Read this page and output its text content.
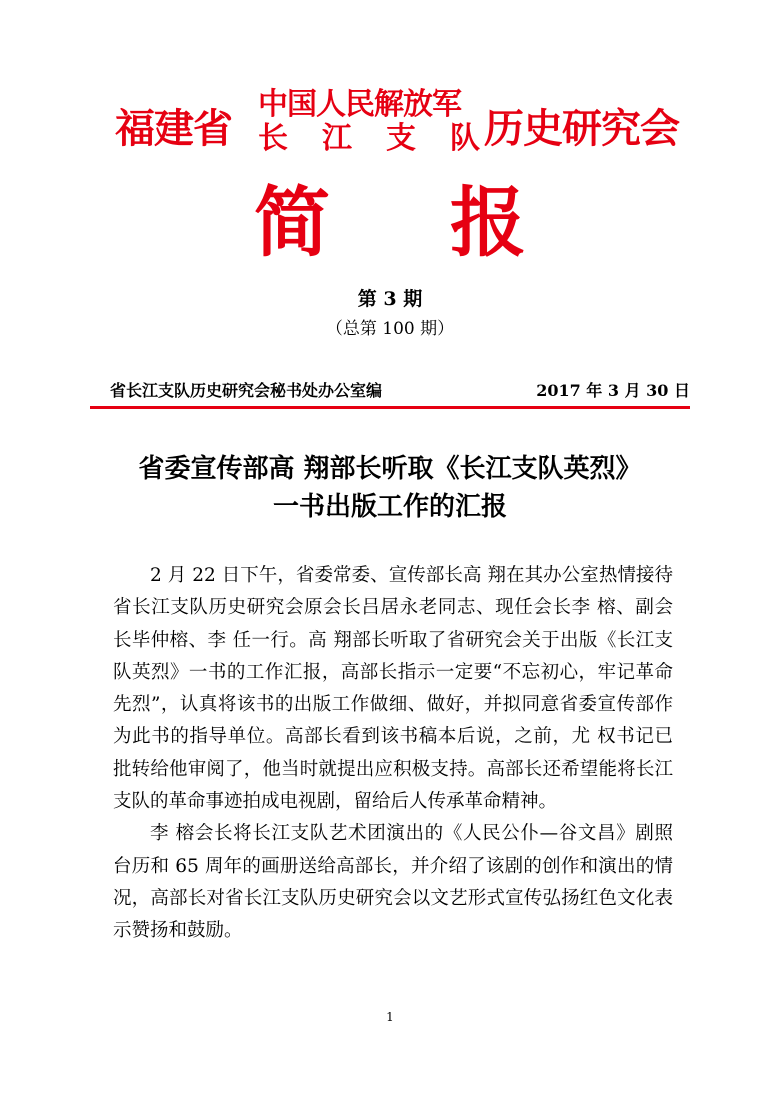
福建省
中国人民解放军
长 江 支 队 历史研究会
简 报
第 3 期
（总第 100 期）
省长江支队历史研究会秘书处办公室编	2017 年 3 月 30 日
省委宣传部高 翔部长听取《长江支队英烈》
一书出版工作的汇报

2 月 22 日下午，省委常委、宣传部长高 翔在其办公室热情接待省长江支队历史研究会原会长吕居永老同志、现任会长李 榕、副会长毕仲榕、李 任一行。高 翔部长听取了省研究会关于出版《长江支队英烈》一书的工作汇报，高部长指示一定要“不忘初心，牢记革命先烈”，认真将该书的出版工作做细、做好，并拟同意省委宣传部作为此书的指导单位。高部长看到该书稿本后说，之前，尤 权书记已批转给他审阅了，他当时就提出应积极支持。高部长还希望能将长江支队的革命事迹拍成电视剧，留给后人传承革命精神。

李 榕会长将长江支队艺术团演出的《人民公仆—谷文昌》剧照台历和 65 周年的画册送给高部长，并介绍了该剧的创作和演出的情况，高部长对省长江支队历史研究会以文艺形式宣传弘扬红色文化表示赞扬和鼓励。

1
